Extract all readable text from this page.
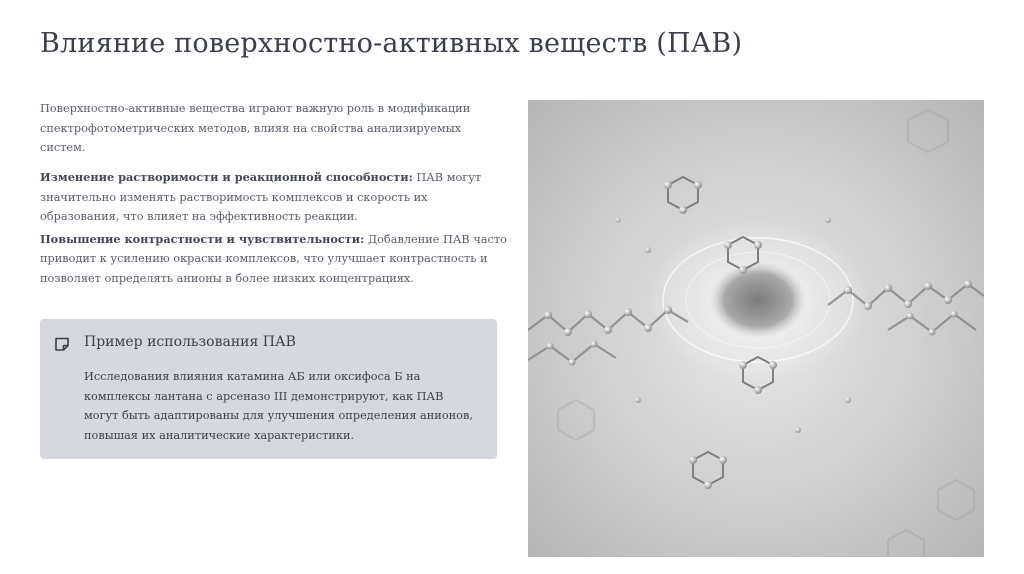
Влияние поверхностно-активных веществ (ПАВ)

Поверхностно-активные вещества играют важную роль в модификации спектрофотометрических методов, влияя на свойства анализируемых систем.

Изменение растворимости и реакционной способности: ПАВ могут значительно изменять растворимость комплексов и скорость их образования, что влияет на эффективность реакции.

Повышение контрастности и чувствительности: Добавление ПАВ часто приводит к усилению окраски комплексов, что улучшает контрастность и позволяет определять анионы в более низких концентрациях.

Пример использования ПАВ

Исследования влияния катамина АБ или оксифоса Б на комплексы лантана с арсеназо III демонстрируют, как ПАВ могут быть адаптированы для улучшения определения анионов, повышая их аналитические характеристики.
